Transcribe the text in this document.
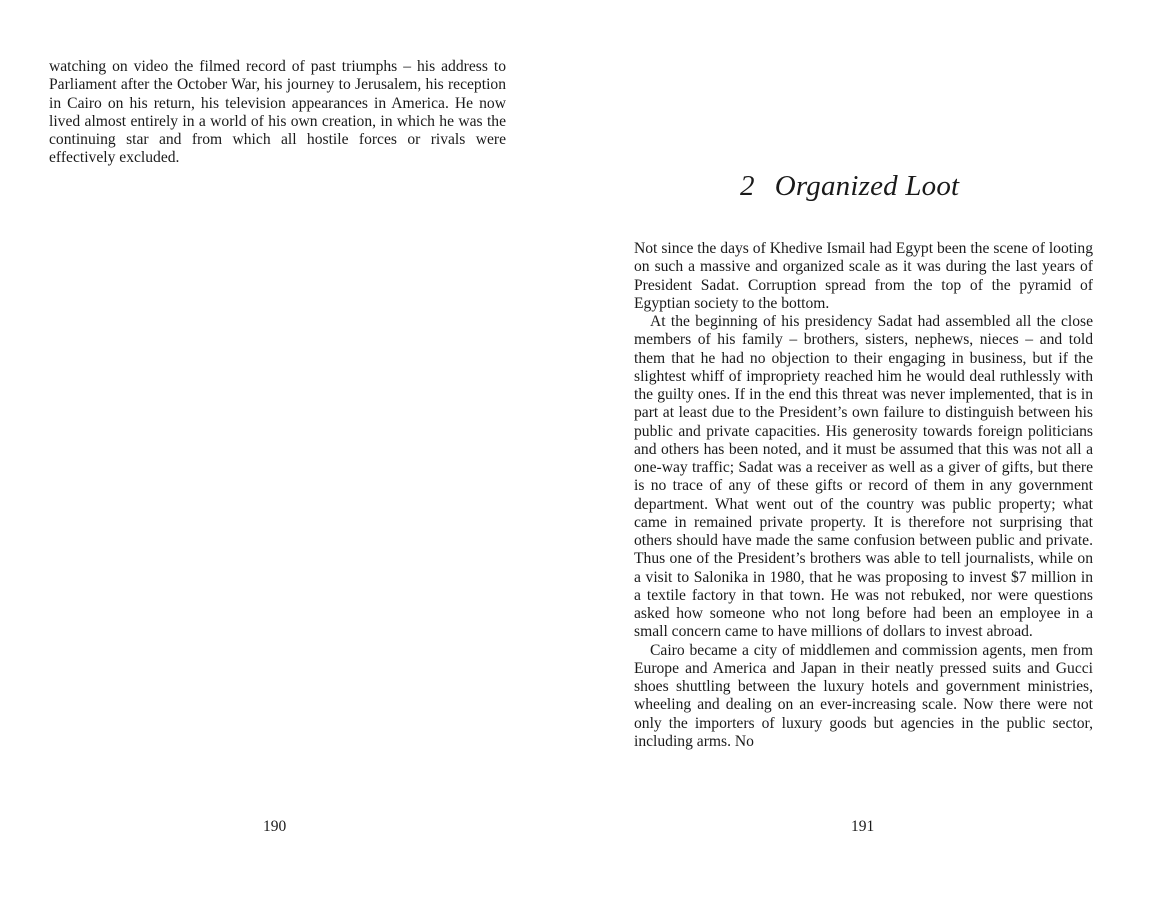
watching on video the filmed record of past triumphs – his address to Parliament after the October War, his journey to Jerusalem, his reception in Cairo on his return, his television appearances in America. He now lived almost entirely in a world of his own creation, in which he was the continuing star and from which all hostile forces or rivals were effectively excluded.

190

2 Organized Loot

Not since the days of Khedive Ismail had Egypt been the scene of looting on such a massive and organized scale as it was during the last years of President Sadat. Corruption spread from the top of the pyramid of Egyptian society to the bottom.

At the beginning of his presidency Sadat had assembled all the close members of his family – brothers, sisters, nephews, nieces – and told them that he had no objection to their engaging in business, but if the slightest whiff of impropriety reached him he would deal ruthlessly with the guilty ones. If in the end this threat was never implemented, that is in part at least due to the President’s own failure to distinguish between his public and private capacities. His generosity towards foreign politicians and others has been noted, and it must be assumed that this was not all a one-way traffic; Sadat was a receiver as well as a giver of gifts, but there is no trace of any of these gifts or record of them in any government department. What went out of the country was public property; what came in remained private property. It is therefore not surprising that others should have made the same confusion between public and private. Thus one of the President’s brothers was able to tell journalists, while on a visit to Salonika in 1980, that he was proposing to invest $7 million in a textile factory in that town. He was not rebuked, nor were questions asked how someone who not long before had been an employee in a small concern came to have millions of dollars to invest abroad.

Cairo became a city of middlemen and commission agents, men from Europe and America and Japan in their neatly pressed suits and Gucci shoes shuttling between the luxury hotels and government ministries, wheeling and dealing on an ever-increasing scale. Now there were not only the importers of luxury goods but agencies in the public sector, including arms. No

191
